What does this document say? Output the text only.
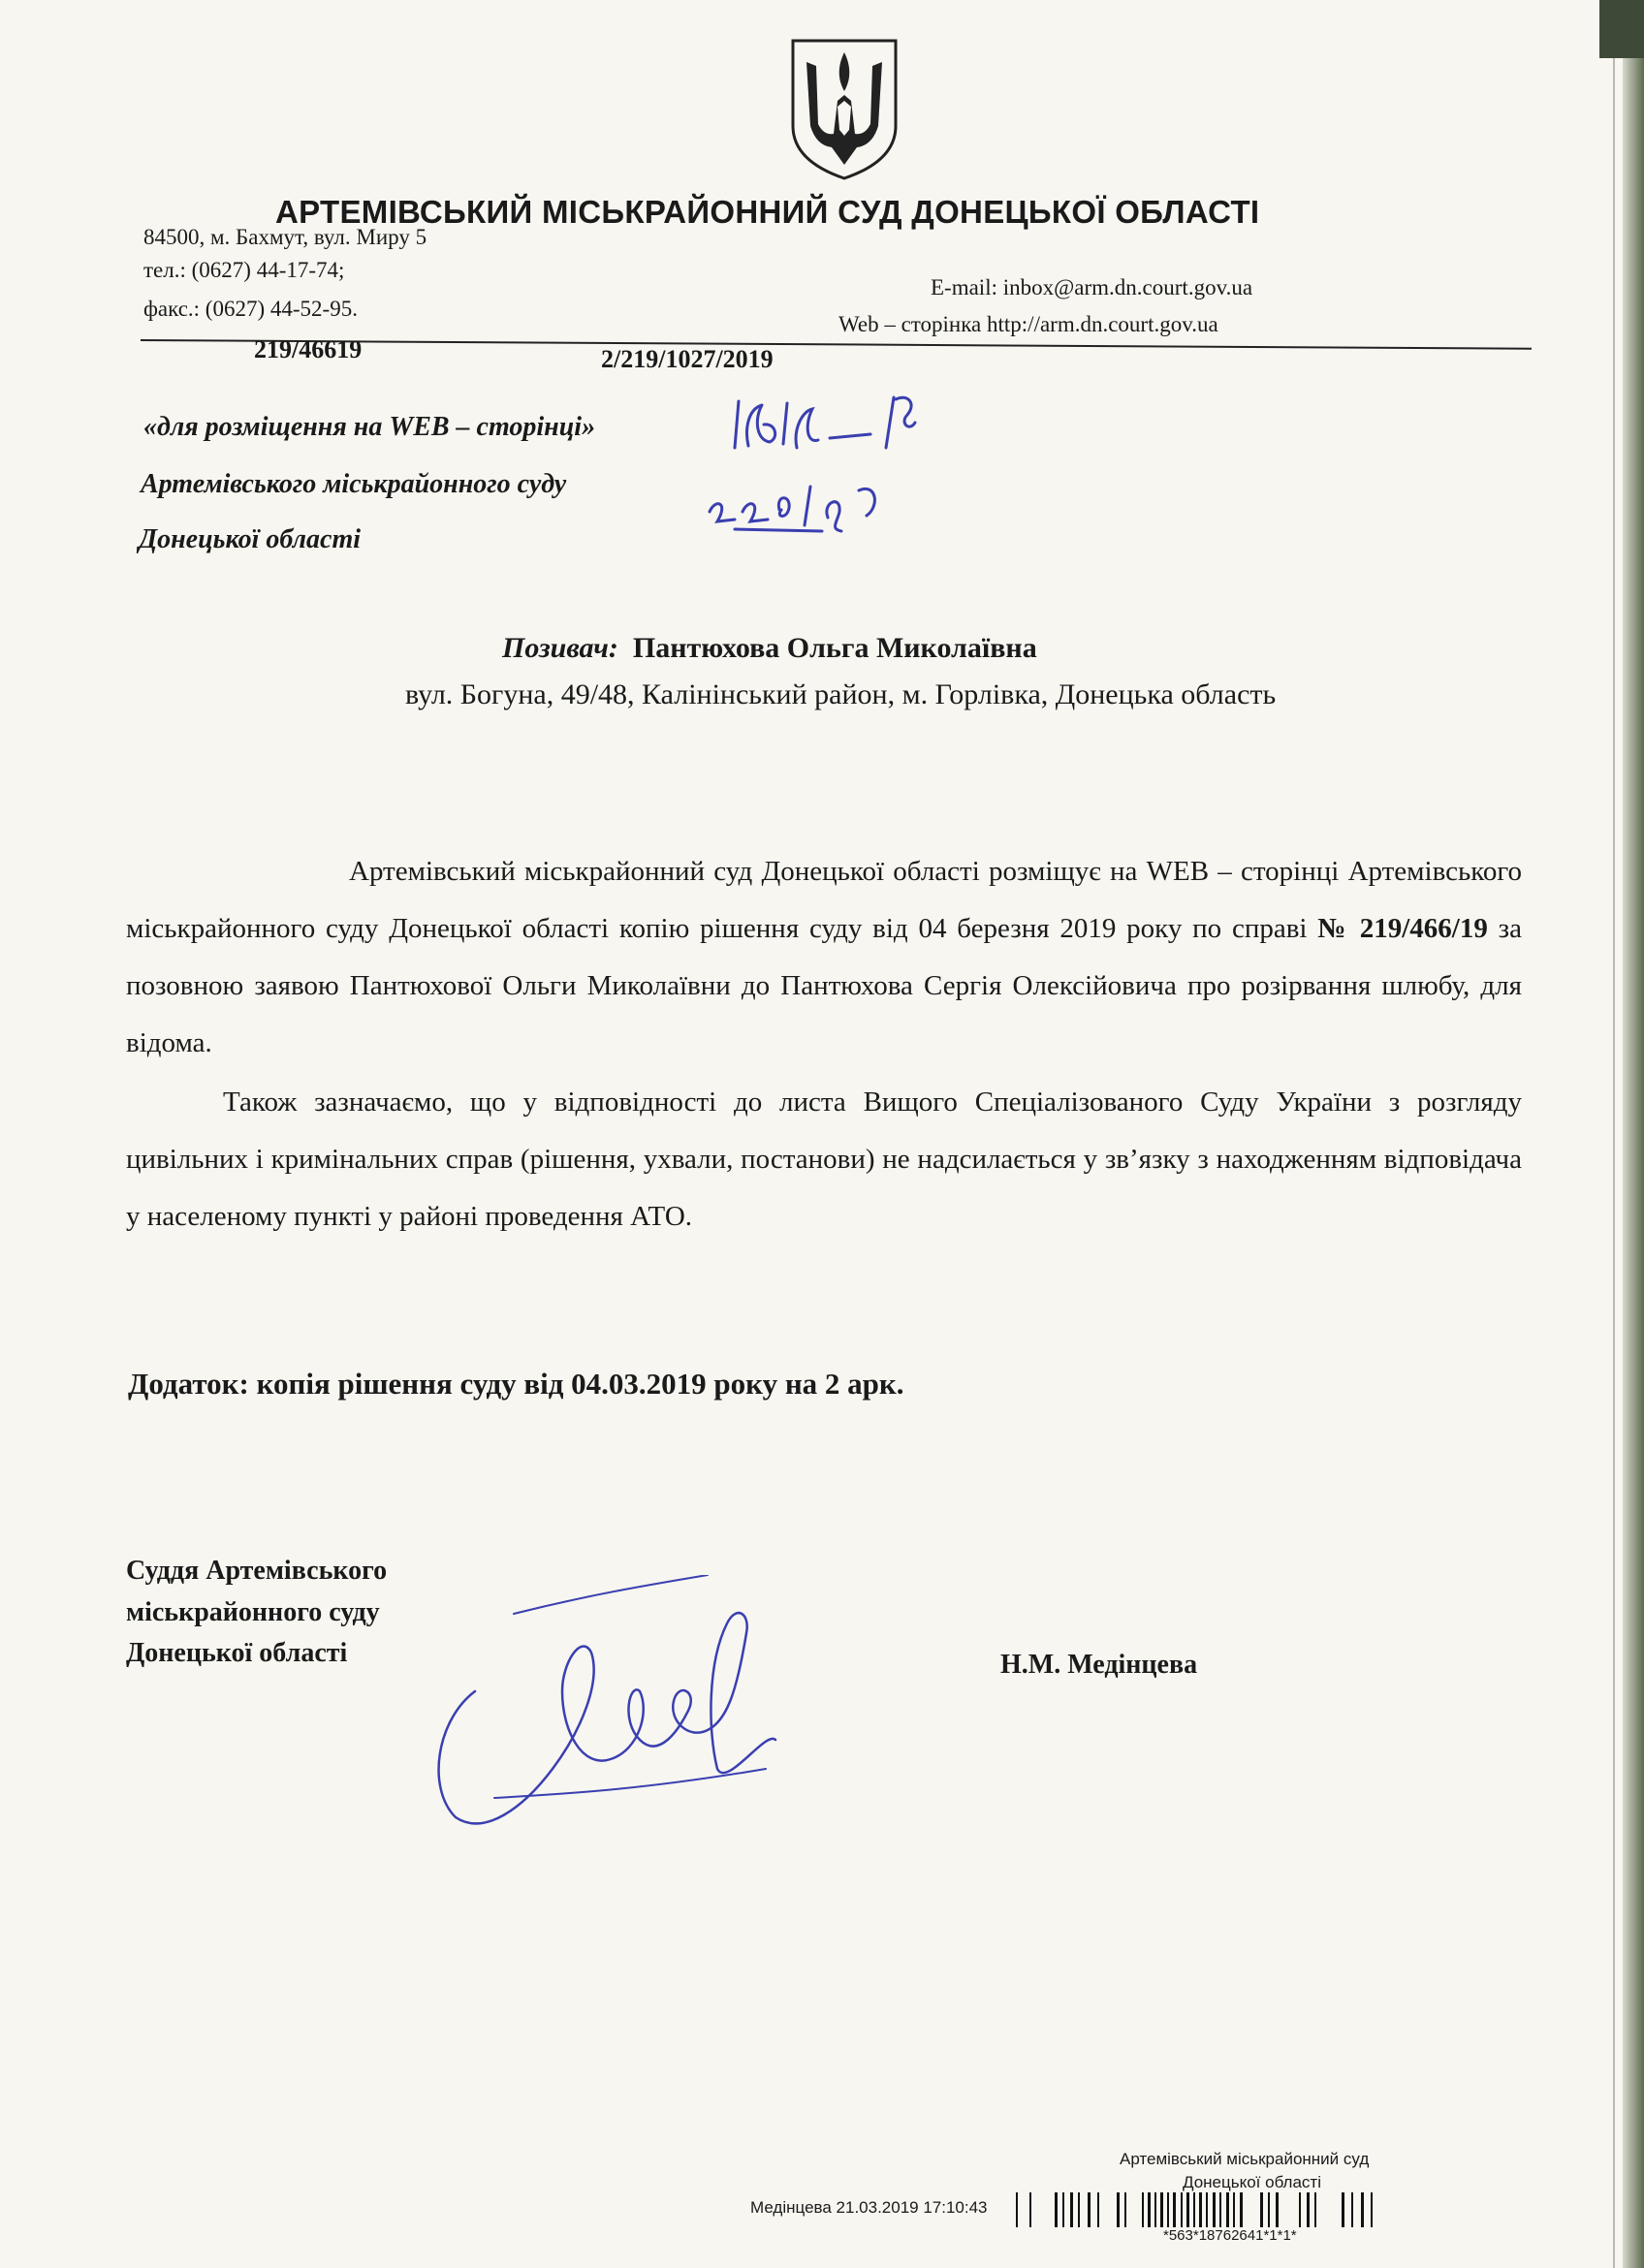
АРТЕМІВСЬКИЙ МІСЬКРАЙОННИЙ СУД ДОНЕЦЬКОЇ ОБЛАСТІ
84500, м. Бахмут, вул. Миру 5
тел.: (0627) 44-17-74;
факс.: (0627) 44-52-95.
E-mail: inbox@arm.dn.court.gov.ua
Web – сторінка http://arm.dn.court.gov.ua
219/46619	2/219/1027/2019
«для розміщення на WEB – сторінці»
Артемівського міськрайонного суду
Донецької області
Позивач: Пантюхова Ольга Миколаївна
вул. Богуна, 49/48, Калінінський район, м. Горлівка, Донецька область

Артемівський міськрайонний суд Донецької області розміщує на WEB – сторінці Артемівського міськрайонного суду Донецької області копію рішення суду від 04 березня 2019 року по справі № 219/466/19 за позовною заявою Пантюхової Ольги Миколаївни до Пантюхова Сергія Олексійовича про розірвання шлюбу, для відома.

Також зазначаємо, що у відповідності до листа Вищого Спеціалізованого Суду України з розгляду цивільних і кримінальних справ (рішення, ухвали, постанови) не надсилається у зв’язку з находженням відповідача у населеному пункті у районі проведення АТО.

Додаток: копія рішення суду від 04.03.2019 року на 2 арк.
Суддя Артемівського
міськрайонного суду
Донецької області	Н.М. Медінцева
Артемівський міськрайонний суд
Донецької області
Медінцева 21.03.2019 17:10:43
*563*18762641*1*1*
